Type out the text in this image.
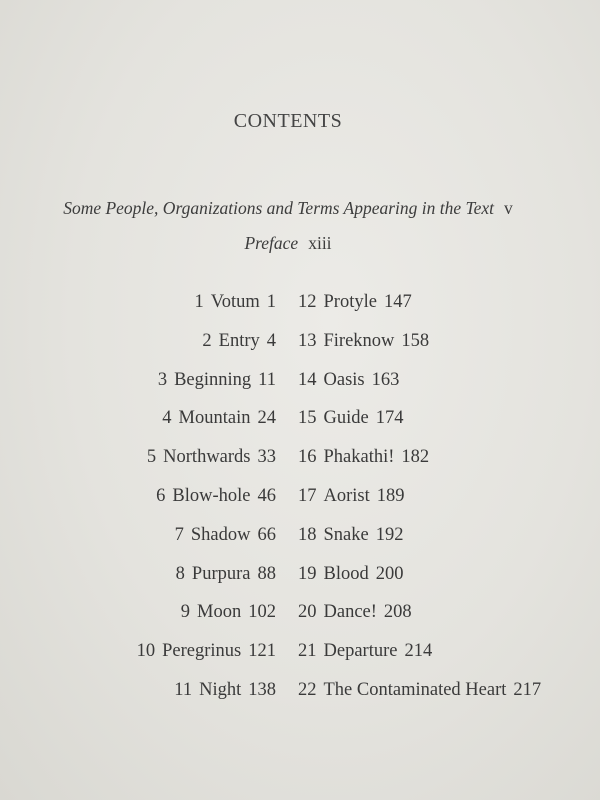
CONTENTS
Some People, Organizations and Terms Appearing in the Text v
Preface xiii
1 Votum 1
2 Entry 4
3 Beginning 11
4 Mountain 24
5 Northwards 33
6 Blow-hole 46
7 Shadow 66
8 Purpura 88
9 Moon 102
10 Peregrinus 121
11 Night 138
12 Protyle 147
13 Fireknow 158
14 Oasis 163
15 Guide 174
16 Phakathi! 182
17 Aorist 189
18 Snake 192
19 Blood 200
20 Dance! 208
21 Departure 214
22 The Contaminated Heart 217
